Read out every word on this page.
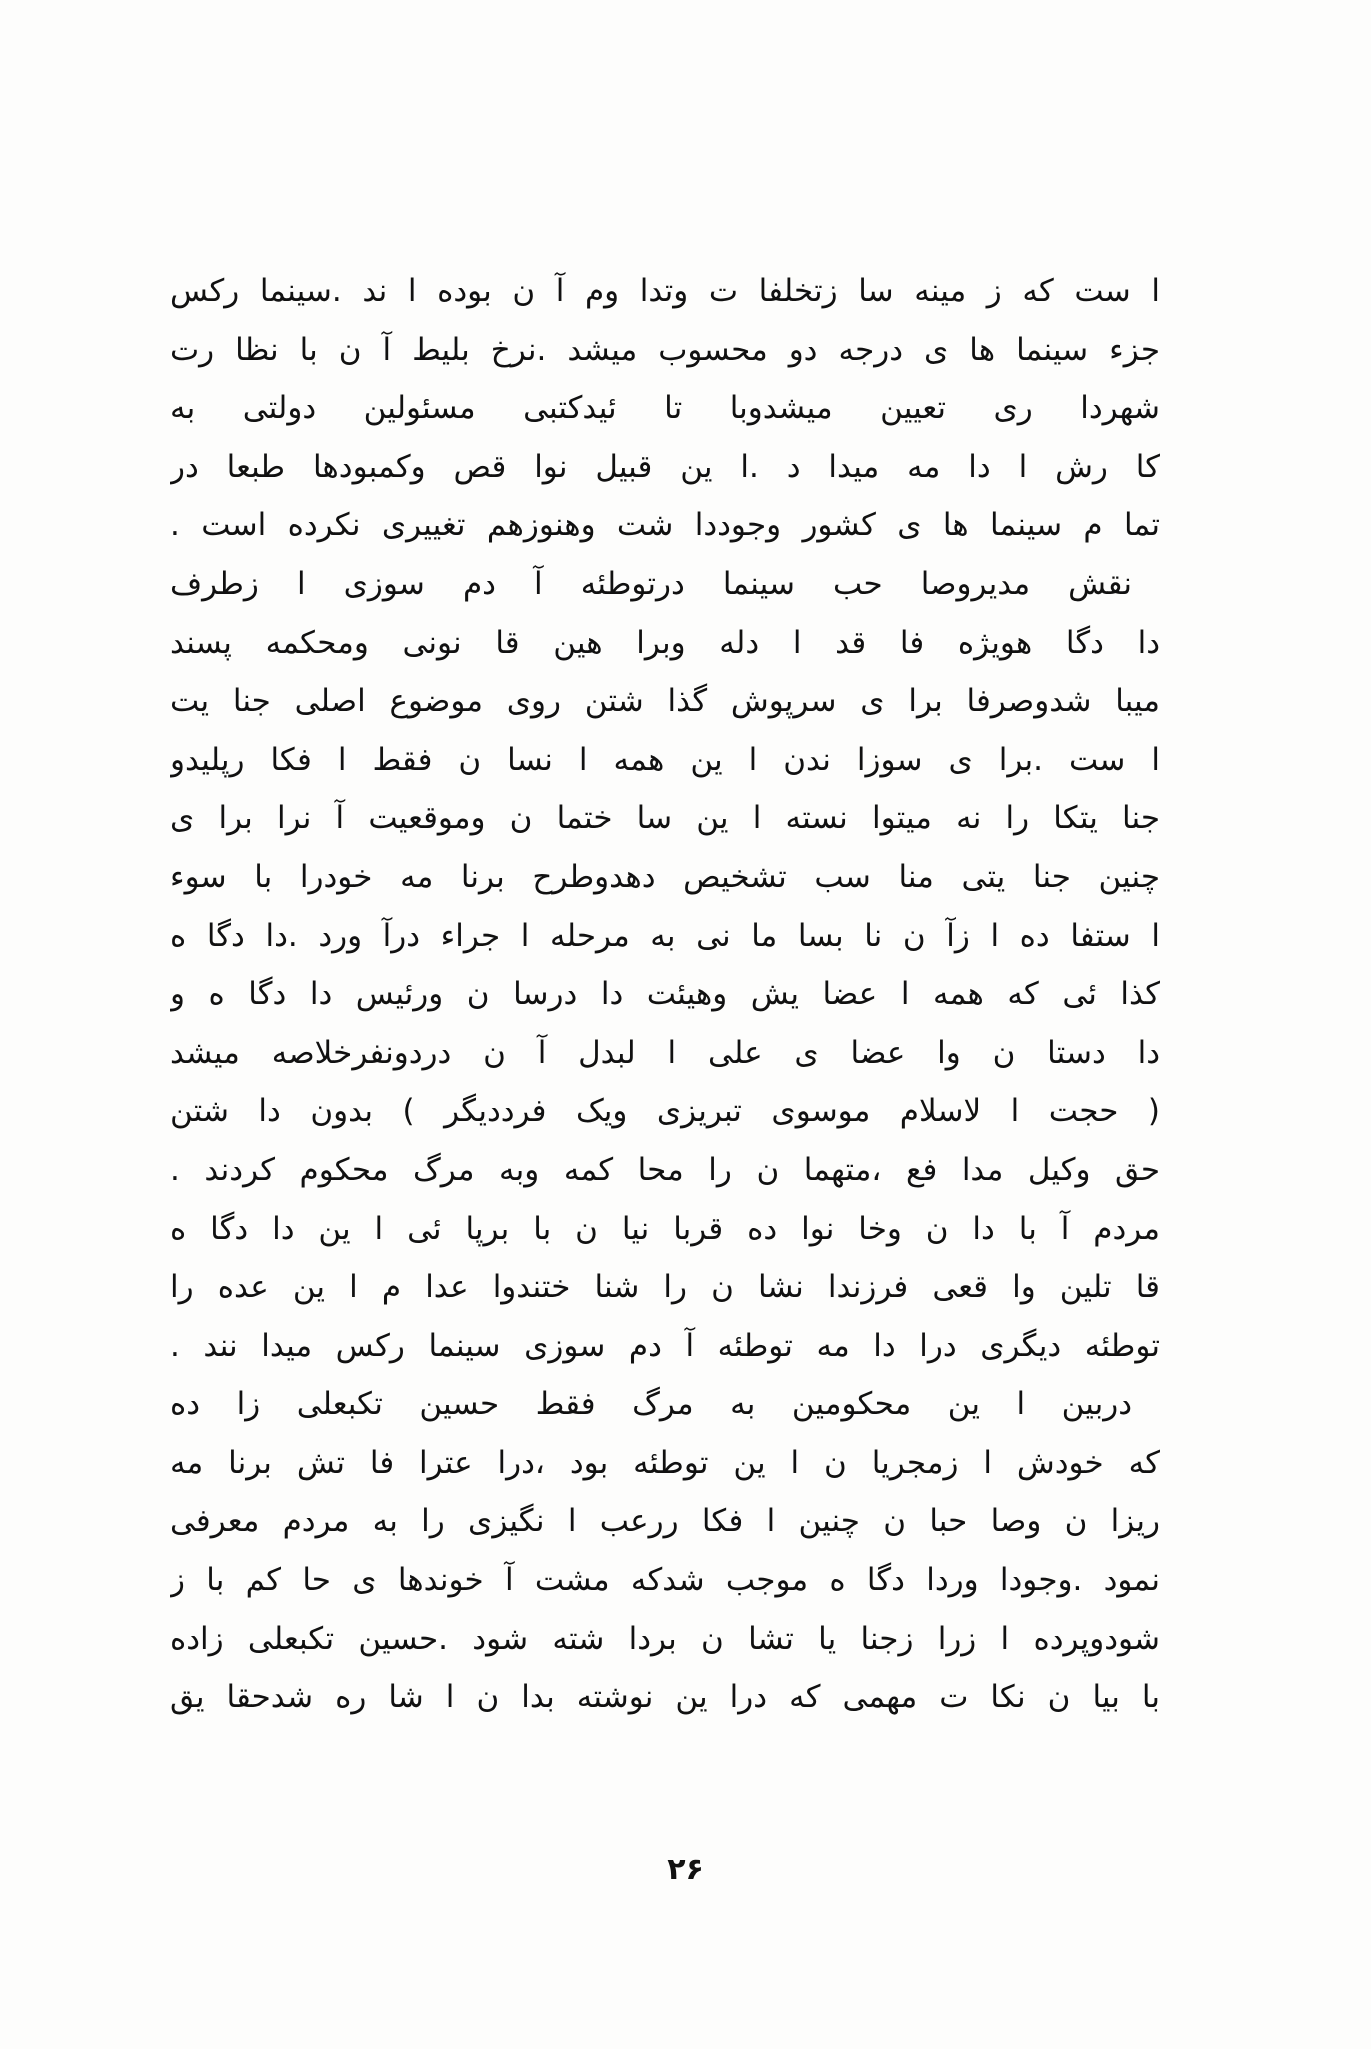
ا ست که ز مینه سا زتخلفا ت وتدا وم آ ن بوده ا ند .سینما رکس
جزء سینما ها ی درجه دو محسوب میشد .نرخ بلیط آ ن با نظا رت
شهردا ری تعیین میشدوبا تا ئیدکتبی مسئولین دولتی به
کا رش ا دا مه میدا د .ا ین قبیل نوا قص وکمبودها طبعا در
تما م سینما ها ی کشور وجوددا شت وهنوزهم تغییری نکرده است .
نقش مدیروصا حب سینما درتوطئه آ دم سوزی ا زطرف
دا دگا هویژه فا قد ا دله وبرا هین قا نونی ومحکمه پسند
میبا شدوصرفا برا ی سرپوش گذا شتن روی موضوع اصلی جنا یت
ا ست .برا ی سوزا ندن ا ین همه ا نسا ن فقط ا فکا رپلیدو
جنا یتکا را نه میتوا نسته ا ین سا ختما ن وموقعیت آ نرا برا ی
چنین جنا یتی منا سب تشخیص دهدوطرح برنا مه خودرا با سوء
ا ستفا ده ا زآ ن نا بسا ما نی به مرحله ا جراء درآ ورد .دا دگا ه
کذا ئی که همه ا عضا یش وهیئت دا درسا ن ورئیس دا دگا ه و
دا دستا ن وا عضا ی علی ا لبدل آ ن دردونفرخلاصه میشد
( حجت ا لاسلام موسوی تبریزی ویک فرددیگر ) بدون دا شتن
حق وکیل مدا فع ،متهما ن را محا کمه وبه مرگ محکوم کردند .
مردم آ با دا ن وخا نوا ده قربا نیا ن با برپا ئی ا ین دا دگا ه
قا تلین وا قعی فرزندا نشا ن را شنا ختندوا عدا م ا ین عده را
توطئه دیگری درا دا مه توطئه آ دم سوزی سینما رکس میدا نند .
دربین ا ین محکومین به مرگ فقط حسین تکبعلی زا ده
که خودش ا زمجریا ن ا ین توطئه بود ،درا عترا فا تش برنا مه
ریزا ن وصا حبا ن چنین ا فکا ررعب ا نگیزی را به مردم معرفی
نمود .وجودا وردا دگا ه موجب شدکه مشت آ خوندها ی حا کم با ز
شودوپرده ا زرا زجنا یا تشا ن بردا شته شود .حسین تکبعلی زاده
با بیا ن نکا ت مهمی که درا ین نوشته بدا ن ا شا ره شدحقا یق
۲۶
